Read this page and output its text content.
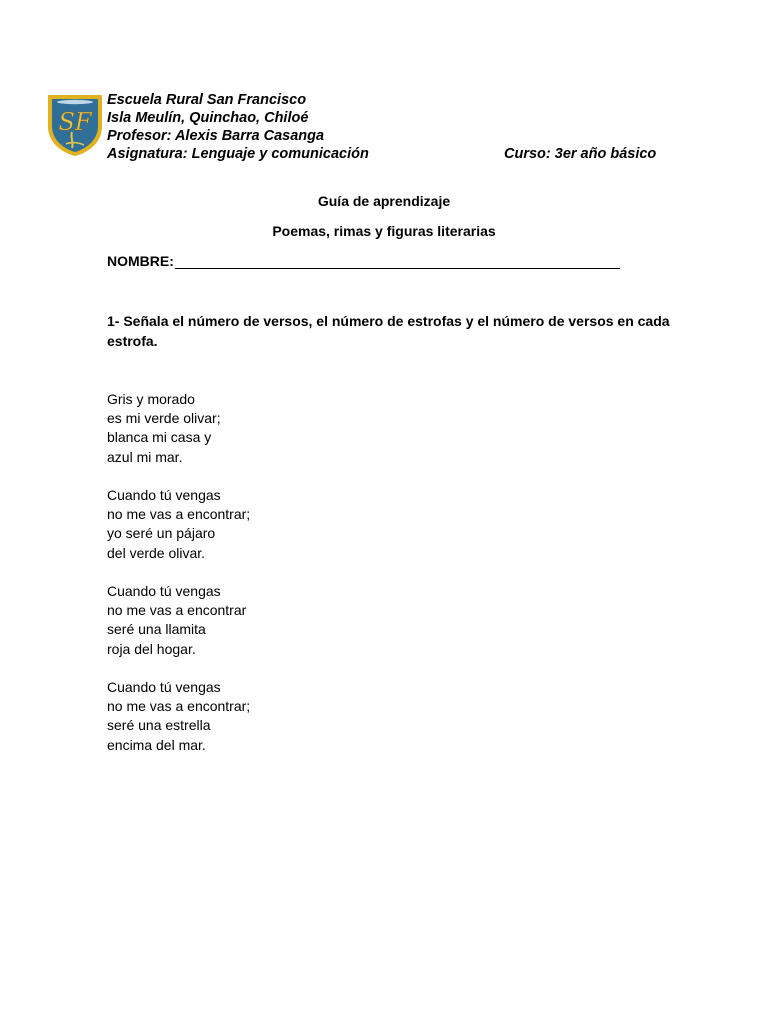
SF
Escuela Rural San Francisco
Isla Meulín, Quinchao, Chiloé
Profesor: Alexis Barra Casanga
Asignatura: Lenguaje y comunicación	Curso: 3er año básico
Guía de aprendizaje
Poemas, rimas y figuras literarias
NOMBRE:
1- Señala el número de versos, el número de estrofas y el número de versos en cada estrofa.
Gris y morado
es mi verde olivar;
blanca mi casa y
azul mi mar.
Cuando tú vengas
no me vas a encontrar;
yo seré un pájaro
del verde olivar.
Cuando tú vengas
no me vas a encontrar
seré una llamita
roja del hogar.
Cuando tú vengas
no me vas a encontrar;
seré una estrella
encima del mar.
